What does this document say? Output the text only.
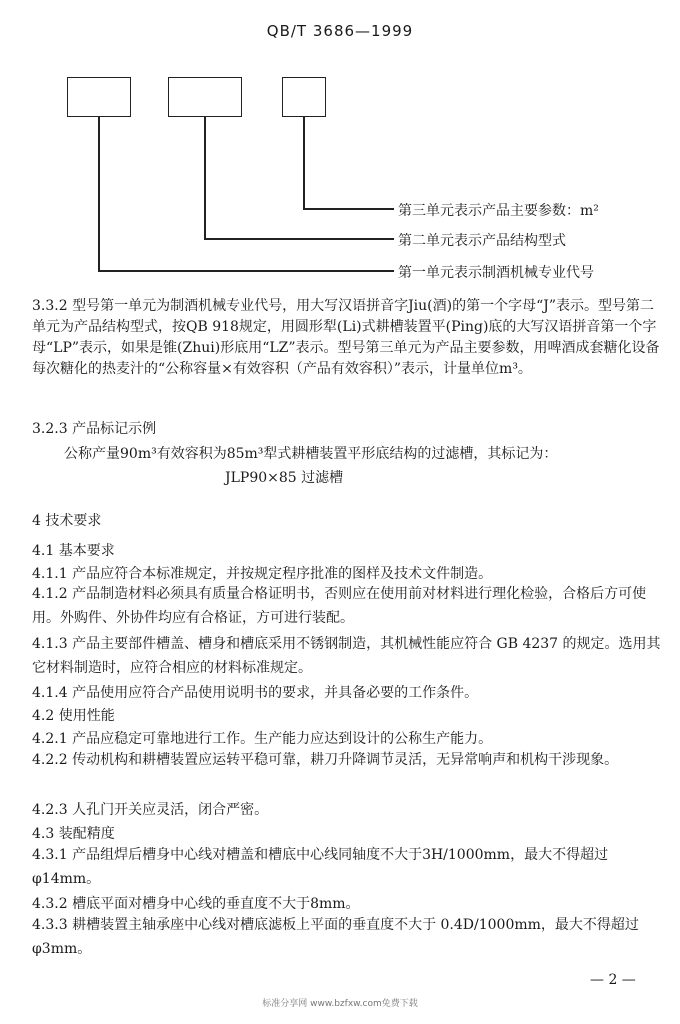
QB/T 3686—1999
第三单元表示产品主要参数：m²
第二单元表示产品结构型式
第一单元表示制酒机械专业代号
3.3.2 型号第一单元为制酒机械专业代号，用大写汉语拼音字Jiu(酒)的第一个字母“J”表示。型号第二单元为产品结构型式，按QB 918规定，用圆形犁(Li)式耕槽装置平(Ping)底的大写汉语拼音第一个字母“LP”表示，如果是锥(Zhui)形底用“LZ”表示。型号第三单元为产品主要参数，用啤酒成套糖化设备每次糖化的热麦汁的“公称容量×有效容积（产品有效容积）”表示，计量单位m³。
3.2.3 产品标记示例
公称产量90m³有效容积为85m³犁式耕槽装置平形底结构的过滤槽，其标记为：
JLP90×85 过滤槽
4 技术要求
4.1 基本要求
4.1.1 产品应符合本标准规定，并按规定程序批准的图样及技术文件制造。
4.1.2 产品制造材料必须具有质量合格证明书，否则应在使用前对材料进行理化检验，合格后方可使用。外购件、外协件均应有合格证，方可进行装配。
4.1.3 产品主要部件槽盖、槽身和槽底采用不锈钢制造，其机械性能应符合 GB 4237 的规定。选用其它材料制造时，应符合相应的材料标准规定。
4.1.4 产品使用应符合产品使用说明书的要求，并具备必要的工作条件。
4.2 使用性能
4.2.1 产品应稳定可靠地进行工作。生产能力应达到设计的公称生产能力。
4.2.2 传动机构和耕槽装置应运转平稳可靠，耕刀升降调节灵活，无异常响声和机构干涉现象。
4.2.3 人孔门开关应灵活，闭合严密。
4.3 装配精度
4.3.1 产品组焊后槽身中心线对槽盖和槽底中心线同轴度不大于3H/1000mm，最大不得超过φ14mm。
4.3.2 槽底平面对槽身中心线的垂直度不大于8mm。
4.3.3 耕槽装置主轴承座中心线对槽底滤板上平面的垂直度不大于 0.4D/1000mm，最大不得超过φ3mm。
— 2 —
标准分享网 www.bzfxw.com免费下载
